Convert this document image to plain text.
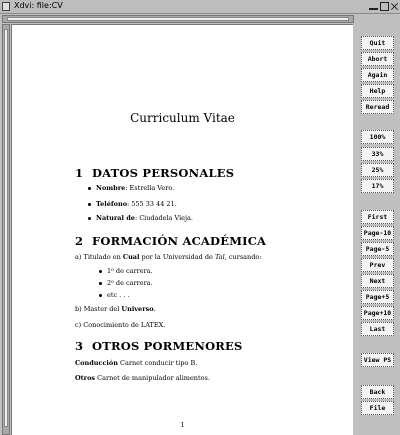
Xdvi: file:CV
Curriculum Vitae
1 DATOS PERSONALES
Nombre: Estrella Vero.
Teléfono: 555 33 44 21.
Natural de: Ciudadela Vieja.
2 FORMACIÓN ACADÉMICA
a) Titulado en Cual por la Universidad de Tal, cursando:
1$^o$ de carrera.
2$^o$ de carrera.
etc . . .
b) Master del Universo.
c) Conocimiento de LATEX.
3 OTROS PORMENORES
Conducción Carnet conducir tipo B.
Otros Carnet de manipulador alimentos.
1
Quit
Abort
Again
Help
Reread
100%
33%
25%
17%
First
Page-10
Page-5
Prev
Next
Page+5
Page+10
Last
View PS
Back
File
